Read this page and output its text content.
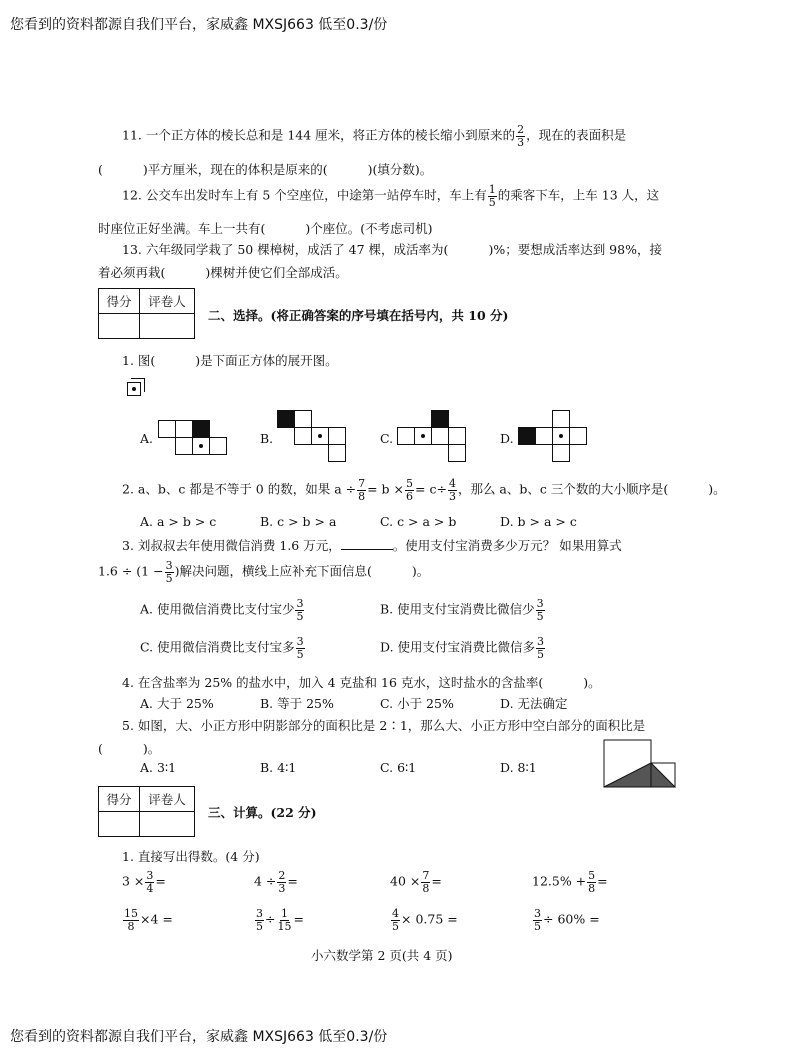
您看到的资料都源自我们平台，家威鑫 MXSJ663 低至0.3/份
您看到的资料都源自我们平台，家威鑫 MXSJ663 低至0.3/份
11. 一个正方体的棱长总和是 144 厘米，将正方体的棱长缩小到原来的 $\frac{2}{3}$ ，现在的表面积是
(	)平方厘米，现在的体积是原来的(	)(填分数)。
12. 公交车出发时车上有 5 个空座位，中途第一站停车时，车上有 $\frac{1}{5}$ 的乘客下车，上车 13 人，这
时座位正好坐满。车上一共有(	)个座位。(不考虑司机)
13. 六年级同学栽了 50 棵樟树，成活了 47 棵，成活率为(	)%；要想成活率达到 98%，接
着必须再栽(	)棵树并使它们全部成活。
得分	评卷人

二、选择。(将正确答案的序号填在括号内，共 10 分)
1. 图(	)是下面正方体的展开图。
A.	B.	C.	D.
2. a、b、c 都是不等于 0 的数，如果 $a \div \frac{7}{8} = b \times \frac{5}{6} = c\div \frac{4}{3}$ ，那么 a、b、c 三个数的大小顺序是(	)。
A. a > b > c	B. c > b > a	C. c > a > b	D. b > a > c
3. 刘叔叔去年使用微信消费 1.6 万元，	。使用支付宝消费多少万元？ 如果用算式
$1.6 \div (1 - \frac{3}{5}$ )解决问题，横线上应补充下面信息(	)。
A. 使用微信消费比支付宝少 $\frac{3}{5}$	B. 使用支付宝消费比微信少 $\frac{3}{5}$
C. 使用微信消费比支付宝多 $\frac{3}{5}$	D. 使用支付宝消费比微信多 $\frac{3}{5}$
4. 在含盐率为 25% 的盐水中，加入 4 克盐和 16 克水，这时盐水的含盐率(	)。
A. 大于 25%	B. 等于 25%	C. 小于 25%	D. 无法确定
5. 如图，大、小正方形中阴影部分的面积比是 2∶1，那么大、小正方形中空白部分的面积比是
(	)。
A. 3∶1	B. 4∶1	C. 6∶1	D. 8∶1
得分	评卷人

三、计算。(22 分)
1. 直接写出得数。(4 分)
$3 \times \frac{3}{4}$ =	$4 \div \frac{2}{3}$ =	$40 \times \frac{7}{8}$ =	$12.5\% + \frac{5}{8}$ =
$\frac{15}{8} \times 4$ =	$\frac{3}{5} \div \frac{1}{15}$ =	$\frac{4}{5} \times 0.75$ =	$\frac{3}{5} \div 60\%$ =
小六数学第 2 页(共 4 页)
